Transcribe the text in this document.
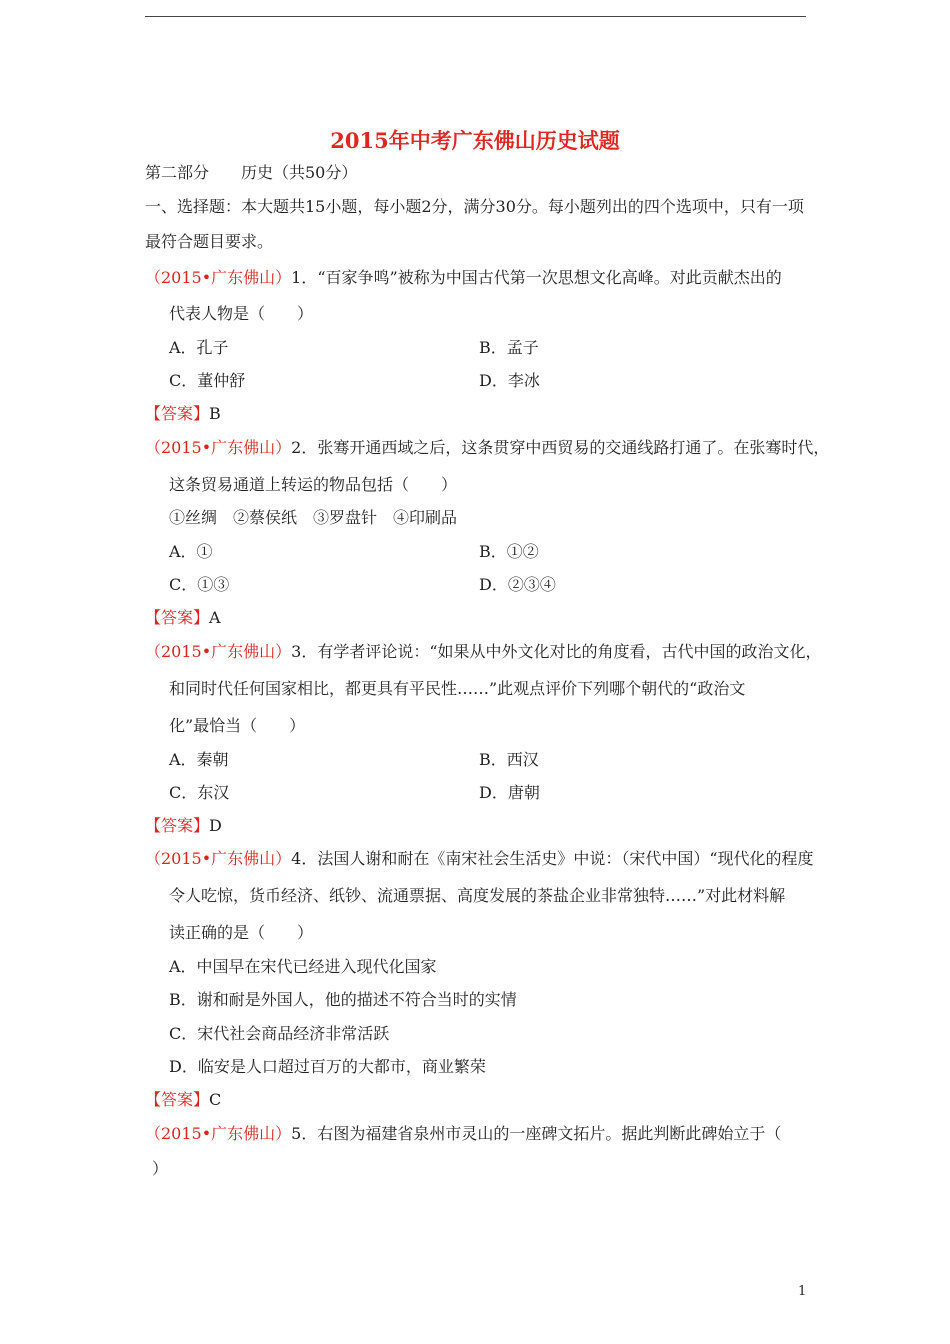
2015年中考广东佛山历史试题
第二部分　　历史（共50分）
一、选择题：本大题共15小题，每小题2分，满分30分。每小题列出的四个选项中，只有一项
最符合题目要求。
（2015•广东佛山）1．“百家争鸣”被称为中国古代第一次思想文化高峰。对此贡献杰出的
代表人物是（　　）
A．孔子	B．孟子
C．董仲舒	D．李冰
【答案】B
（2015•广东佛山）2．张骞开通西域之后，这条贯穿中西贸易的交通线路打通了。在张骞时代，
这条贸易通道上转运的物品包括（　　）
①丝绸　②蔡侯纸　③罗盘针　④印刷品
A．①	B．①②
C．①③	D．②③④
【答案】A
（2015•广东佛山）3．有学者评论说：“如果从中外文化对比的角度看，古代中国的政治文化，
和同时代任何国家相比，都更具有平民性……”此观点评价下列哪个朝代的“政治文
化”最恰当（　　）
A．秦朝	B．西汉
C．东汉	D．唐朝
【答案】D
（2015•广东佛山）4．法国人谢和耐在《南宋社会生活史》中说：（宋代中国）“现代化的程度
令人吃惊，货币经济、纸钞、流通票据、高度发展的茶盐企业非常独特……”对此材料解
读正确的是（　　）
A．中国早在宋代已经进入现代化国家
B．谢和耐是外国人，他的描述不符合当时的实情
C．宋代社会商品经济非常活跃
D．临安是人口超过百万的大都市，商业繁荣
【答案】C
（2015•广东佛山）5．右图为福建省泉州市灵山的一座碑文拓片。据此判断此碑始立于（
）
1
